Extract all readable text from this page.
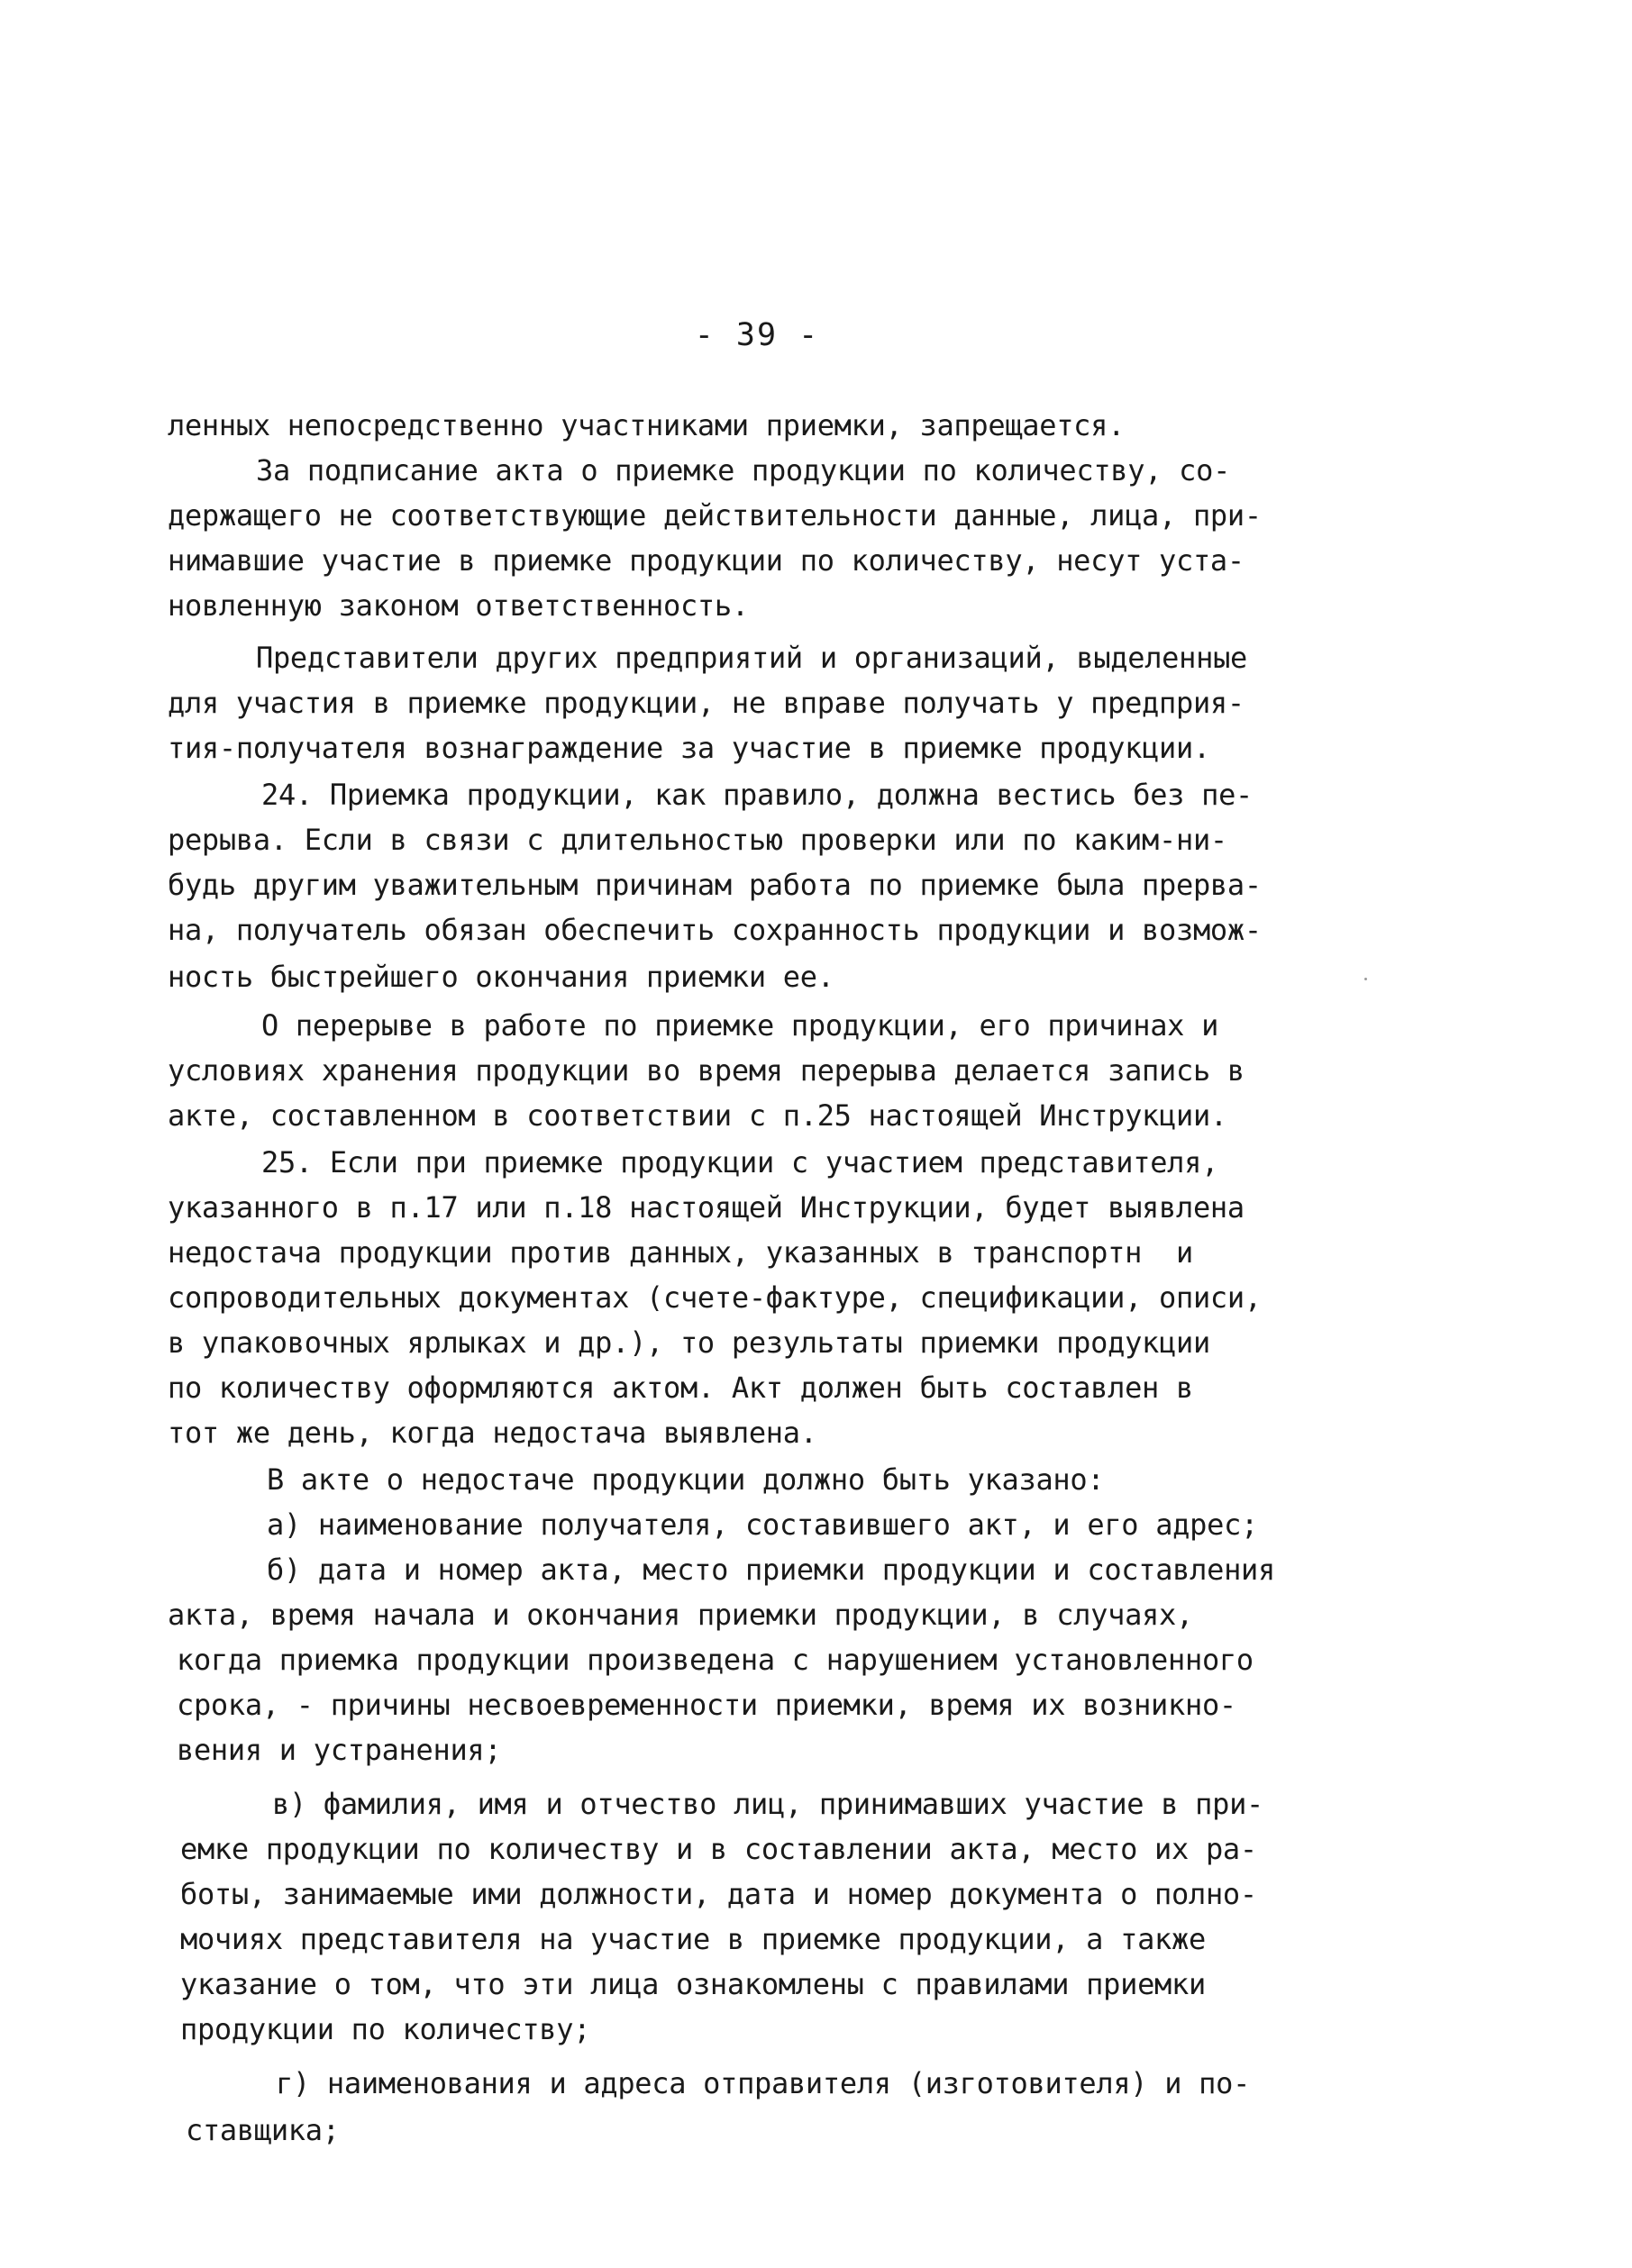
- 39 -
ленных непосредственно участниками приемки, запрещается.
За подписание акта о приемке продукции по количеству, со-
держащего не соответствующие действительности данные, лица, при-
нимавшие участие в приемке продукции по количеству, несут уста-
новленную законом ответственность.
Представители других предприятий и организаций, выделенные
для участия в приемке продукции, не вправе получать у предприя-
тия-получателя вознаграждение за участие в приемке продукции.
24. Приемка продукции, как правило, должна вестись без пе-
рерыва. Если в связи с длительностью проверки или по каким-ни-
будь другим уважительным причинам работа по приемке была прерва-
на, получатель обязан обеспечить сохранность продукции и возмож-
ность быстрейшего окончания приемки ее.
О перерыве в работе по приемке продукции, его причинах и
условиях хранения продукции во время перерыва делается запись в
акте, составленном в соответствии с п.25 настоящей Инструкции.
25. Если при приемке продукции с участием представителя,
указанного в п.17 или п.18 настоящей Инструкции, будет выявлена
недостача продукции против данных, указанных в транспортн  и
сопроводительных документах (счете-фактуре, спецификации, описи,
в упаковочных ярлыках и др.), то результаты приемки продукции
по количеству оформляются актом. Акт должен быть составлен в
тот же день, когда недостача выявлена.
В акте о недостаче продукции должно быть указано:
а) наименование получателя, составившего акт, и его адрес;
б) дата и номер акта, место приемки продукции и составления
акта, время начала и окончания приемки продукции, в случаях,
когда приемка продукции произведена с нарушением установленного
срока, - причины несвоевременности приемки, время их возникно-
вения и устранения;
в) фамилия, имя и отчество лиц, принимавших участие в при-
емке продукции по количеству и в составлении акта, место их ра-
боты, занимаемые ими должности, дата и номер документа о полно-
мочиях представителя на участие в приемке продукции, а также
указание о том, что эти лица ознакомлены с правилами приемки
продукции по количеству;
г) наименования и адреса отправителя (изготовителя) и по-
ставщика;
